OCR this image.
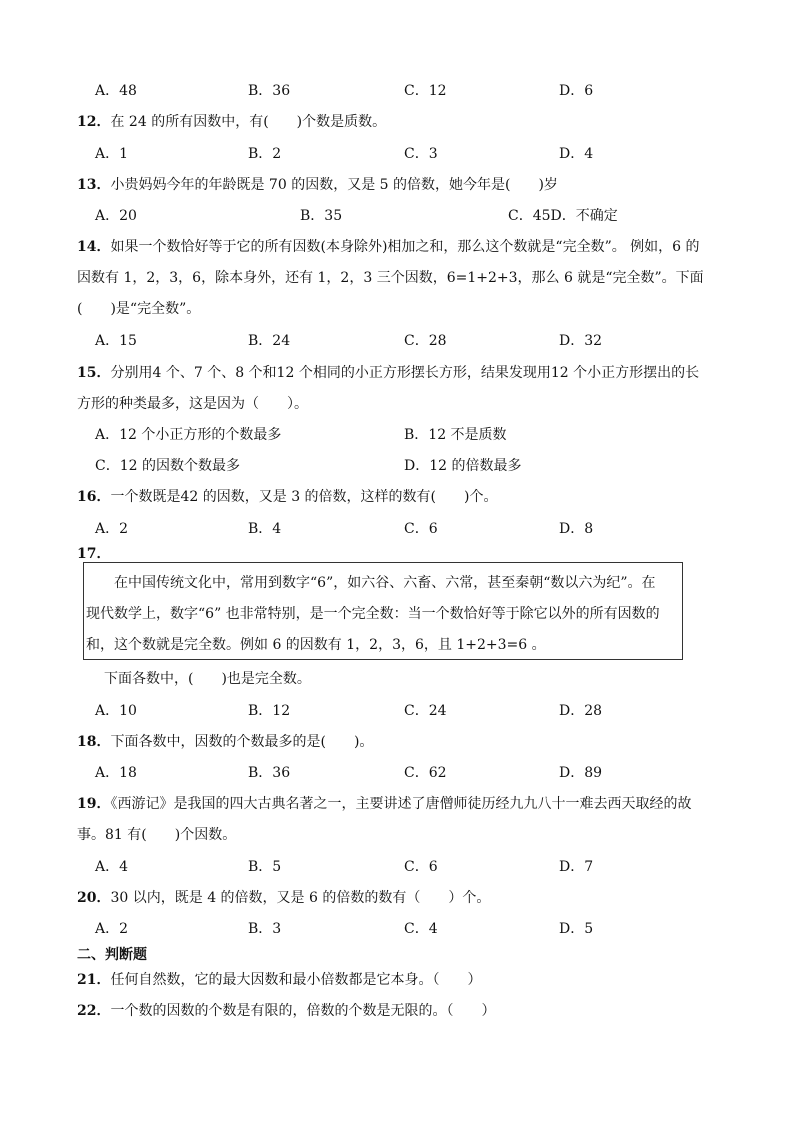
A．48	B．36	C．12	D．6
12．在 24 的所有因数中，有(　　)个数是质数。
A．1	B．2	C．3	D．4
13．小贵妈妈今年的年龄既是 70 的因数，又是 5 的倍数，她今年是(　　)岁
A．20	B．35	C．45D．不确定
14．如果一个数恰好等于它的所有因数(本身除外)相加之和，那么这个数就是“完全数”。 例如，6 的
因数有 1，2，3，6，除本身外，还有 1，2，3 三个因数，6=1+2+3，那么 6 就是“完全数”。下面
(　　)是“完全数”。
A．15	B．24	C．28	D．32
15．分别用4 个、7 个、8 个和12 个相同的小正方形摆长方形，结果发现用12 个小正方形摆出的长
方形的种类最多，这是因为（　　）。
A．12 个小正方形的个数最多	B．12 不是质数
C．12 的因数个数最多	D．12 的倍数最多
16．一个数既是42 的因数，又是 3 的倍数，这样的数有(　　)个。
A．2	B．4	C．6	D．8
17．
在中国传统文化中，常用到数字“6”，如六谷、六畜、六常，甚至秦朝“数以六为纪”。在
现代数学上，数字“6” 也非常特别，是一个完全数：当一个数恰好等于除它以外的所有因数的
和，这个数就是完全数。例如 6 的因数有 1，2，3，6，且 1+2+3=6 。
下面各数中，(　　)也是完全数。
A．10	B．12	C．24	D．28
18．下面各数中，因数的个数最多的是(　　)。
A．18	B．36	C．62	D．89
19．《西游记》是我国的四大古典名著之一，主要讲述了唐僧师徒历经九九八十一难去西天取经的故
事。81 有(　　)个因数。
A．4	B．5	C．6	D．7
20．30 以内，既是 4 的倍数，又是 6 的倍数的数有（　　）个。
A．2	B．3	C．4	D．5
二、判断题
21．任何自然数，它的最大因数和最小倍数都是它本身。（　　）
22．一个数的因数的个数是有限的，倍数的个数是无限的。（　　）
